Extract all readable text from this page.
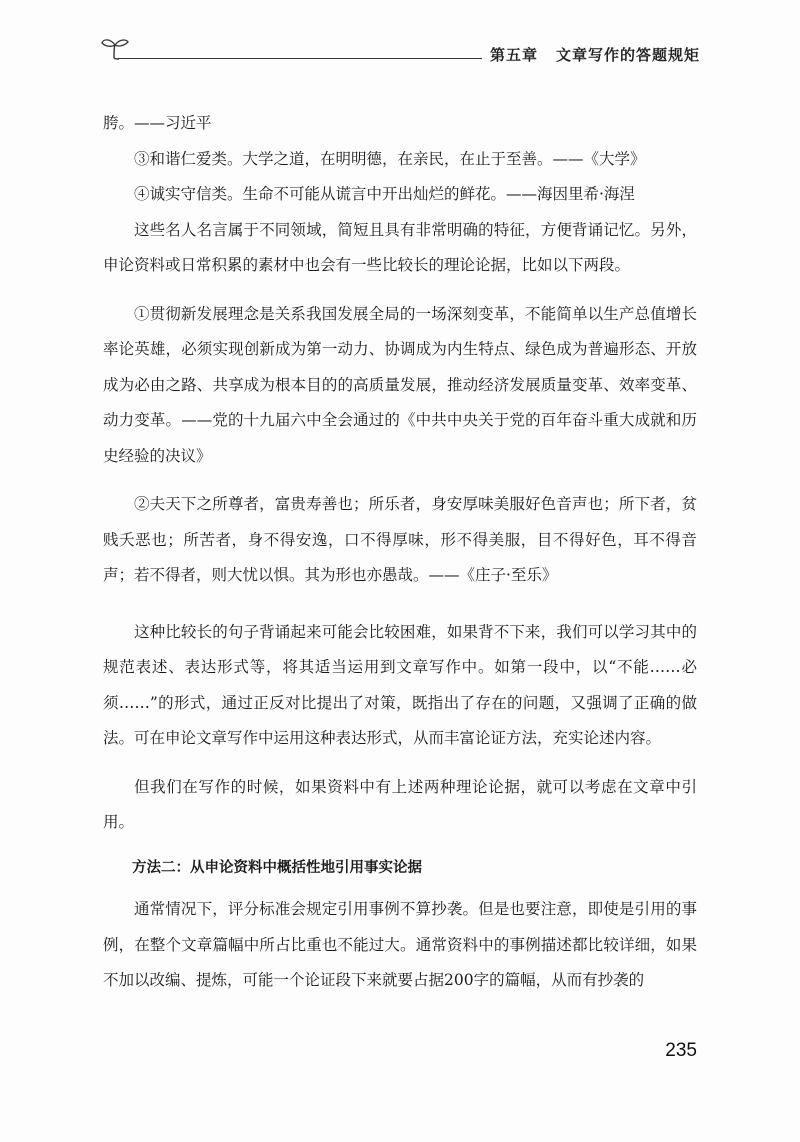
第五章 文章写作的答题规矩

胯。——习近平

③和谐仁爱类。大学之道，在明明德，在亲民，在止于至善。——《大学》

④诚实守信类。生命不可能从谎言中开出灿烂的鲜花。——海因里希·海涅

这些名人名言属于不同领域，简短且具有非常明确的特征，方便背诵记忆。另外，申论资料或日常积累的素材中也会有一些比较长的理论论据，比如以下两段。

①贯彻新发展理念是关系我国发展全局的一场深刻变革，不能简单以生产总值增长率论英雄，必须实现创新成为第一动力、协调成为内生特点、绿色成为普遍形态、开放成为必由之路、共享成为根本目的的高质量发展，推动经济发展质量变革、效率变革、动力变革。——党的十九届六中全会通过的《中共中央关于党的百年奋斗重大成就和历史经验的决议》

②夫天下之所尊者，富贵寿善也；所乐者，身安厚味美服好色音声也；所下者，贫贱夭恶也；所苦者，身不得安逸，口不得厚味，形不得美服，目不得好色，耳不得音声；若不得者，则大忧以惧。其为形也亦愚哉。——《庄子·至乐》

这种比较长的句子背诵起来可能会比较困难，如果背不下来，我们可以学习其中的规范表述、表达形式等，将其适当运用到文章写作中。如第一段中，以“不能……必须……”的形式，通过正反对比提出了对策，既指出了存在的问题，又强调了正确的做法。可在申论文章写作中运用这种表达形式，从而丰富论证方法，充实论述内容。

但我们在写作的时候，如果资料中有上述两种理论论据，就可以考虑在文章中引用。

方法二：从申论资料中概括性地引用事实论据

通常情况下，评分标准会规定引用事例不算抄袭。但是也要注意，即使是引用的事例，在整个文章篇幅中所占比重也不能过大。通常资料中的事例描述都比较详细，如果不加以改编、提炼，可能一个论证段下来就要占据200字的篇幅，从而有抄袭的

235
